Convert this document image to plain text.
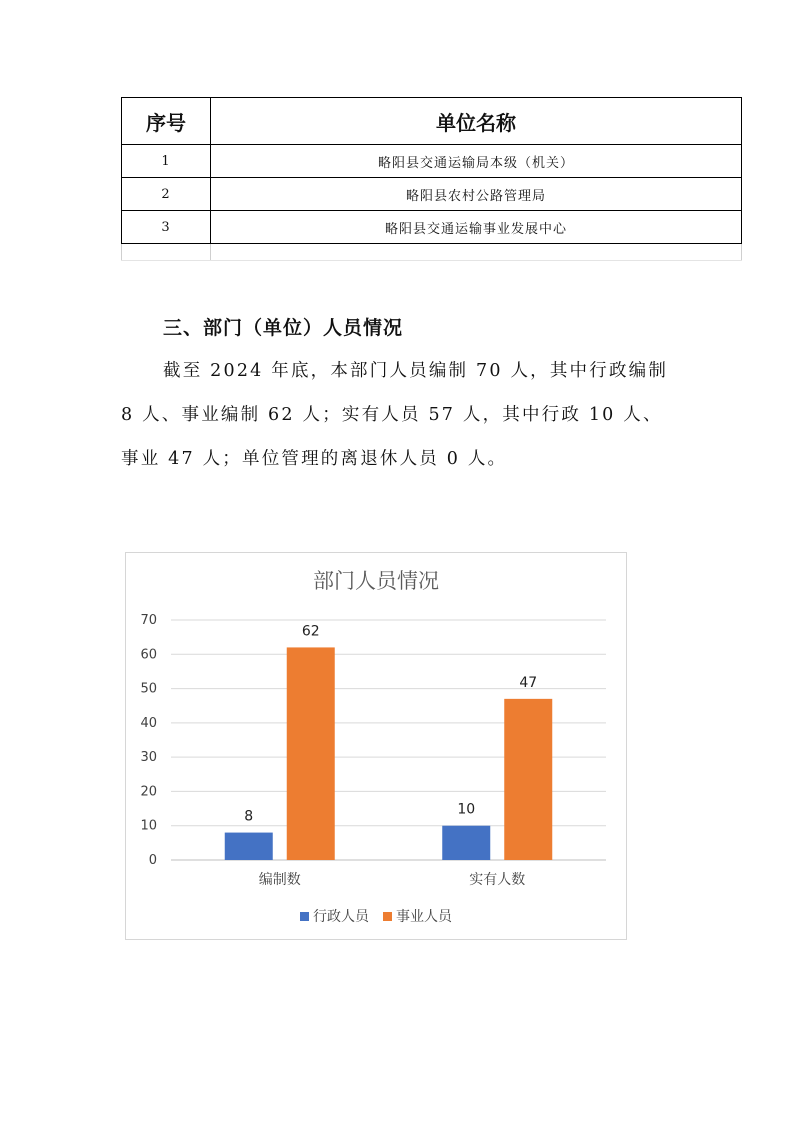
序号	单位名称
1	略阳县交通运输局本级（机关）
2	略阳县农村公路管理局
3	略阳县交通运输事业发展中心

三、部门（单位）人员情况

截至 2024 年底，本部门人员编制 70 人，其中行政编制 8 人、事业编制 62 人；实有人员 57 人，其中行政 10 人、事业 47 人；单位管理的离退休人员 0 人。

部门人员情况
0
10
20
30
40
50
60
70
8
62
10
47
编制数	实有人数
行政人员 事业人员
